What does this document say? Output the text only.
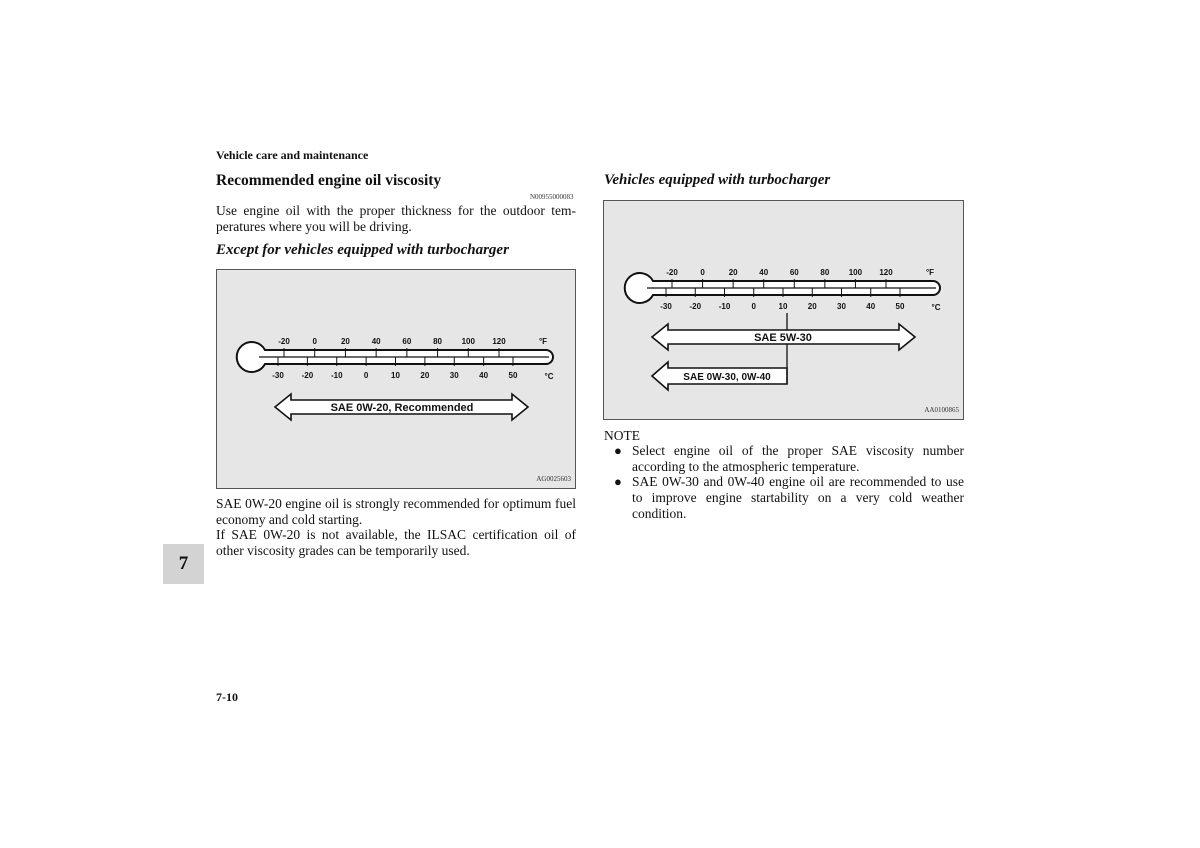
Vehicle care and maintenance
Recommended engine oil viscosity
N00955000083
Use engine oil with the proper thickness for the outdoor tem-peratures where you will be driving.
Except for vehicles equipped with turbocharger
-20	0	20	40	60	80 100 120	°F
-30 -20 -10	0	10	20	30	40	50	°C
SAE 0W-20, Recommended
AG0025603
SAE 0W-20 engine oil is strongly recommended for optimum fuel economy and cold starting.
If SAE 0W-20 is not available, the ILSAC certification oil of other viscosity grades can be temporarily used.
Vehicles equipped with turbocharger
-20	0	20	40	60	80 100 120	°F
-30 -20 -10	0	10	20	30	40	50	°C
SAE 5W-30
SAE 0W-30, 0W-40
AA0100865
NOTE
● Select engine oil of the proper SAE viscosity number according to the atmospheric temperature.
● SAE 0W-30 and 0W-40 engine oil are recommended to use to improve engine startability on a very cold weather condition.
7
7-10
